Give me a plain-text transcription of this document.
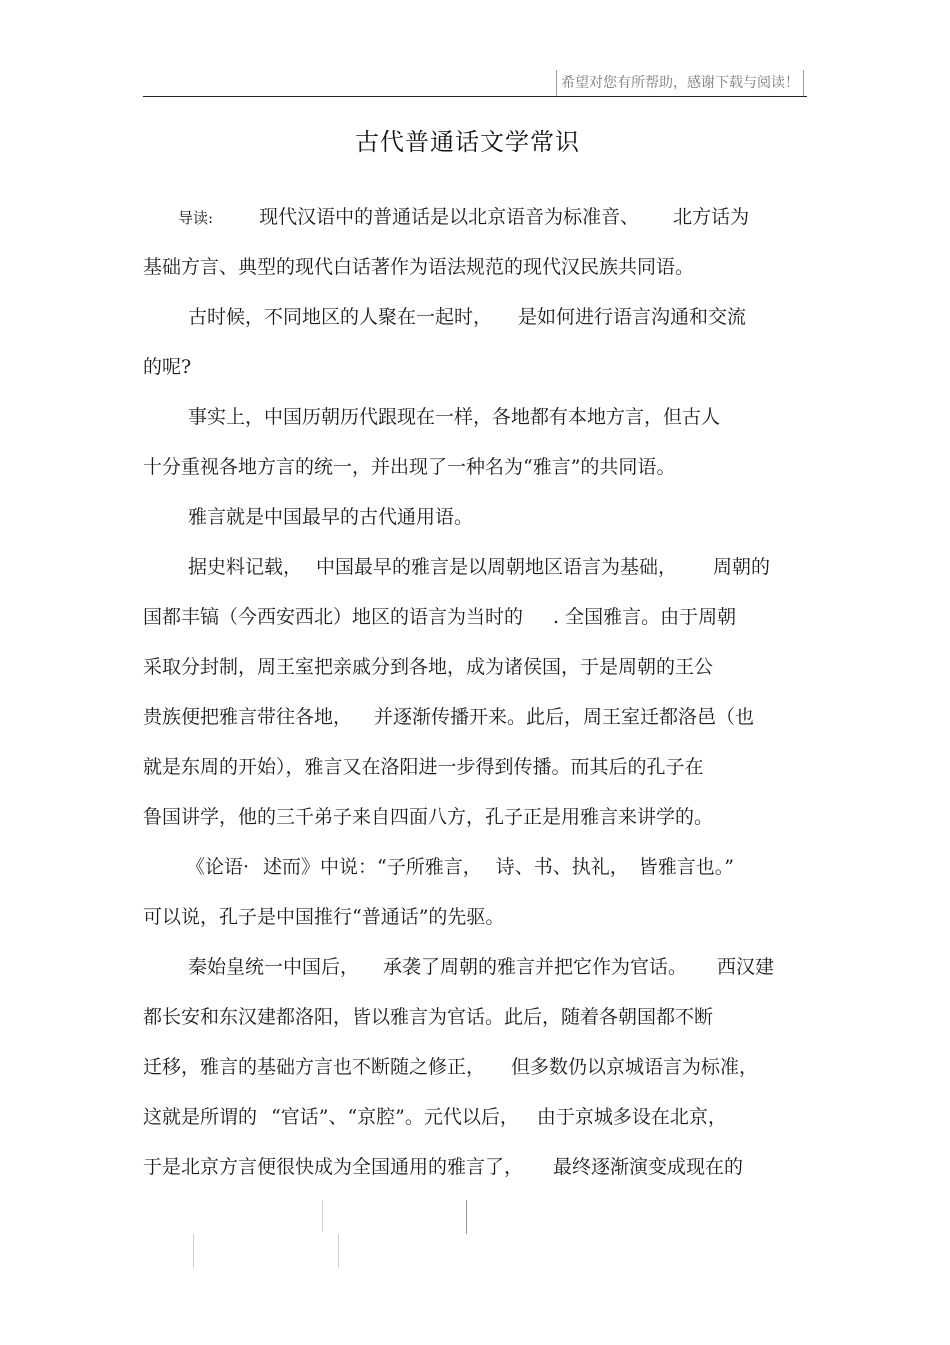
希望对您有所帮助，感谢下载与阅读！
古代普通话文学常识
导读: 现代汉语中的普通话是以北京语音为标准音、 北方话为
基础方言、典型的现代白话著作为语法规范的现代汉民族共同语。
古时候，不同地区的人聚在一起时， 是如何进行语言沟通和交流
的呢?
事实上，中国历朝历代跟现在一样，各地都有本地方言，但古人
十分重视各地方言的统一，并出现了一种名为“雅言”的共同语。
雅言就是中国最早的古代通用语。
据史料记载， 中国最早的雅言是以周朝地区语言为基础， 周朝的
国都丰镐（今西安西北）地区的语言为当时的 . 全国雅言。由于周朝
采取分封制，周王室把亲戚分到各地，成为诸侯国，于是周朝的王公
贵族便把雅言带往各地， 并逐渐传播开来。此后，周王室迁都洛邑（也
就是东周的开始），雅言又在洛阳进一步得到传播。而其后的孔子在
鲁国讲学，他的三千弟子来自四面八方，孔子正是用雅言来讲学的。
《论语· 述而》中说：“子所雅言， 诗、书、执礼， 皆雅言也。”
可以说，孔子是中国推行“普通话”的先驱。
秦始皇统一中国后， 承袭了周朝的雅言并把它作为官话。 西汉建
都长安和东汉建都洛阳，皆以雅言为官话。此后，随着各朝国都不断
迁移，雅言的基础方言也不断随之修正， 但多数仍以京城语言为标准，
这就是所谓的 “官话”、“京腔”。元代以后， 由于京城多设在北京，
于是北京方言便很快成为全国通用的雅言了， 最终逐渐演变成现在的
